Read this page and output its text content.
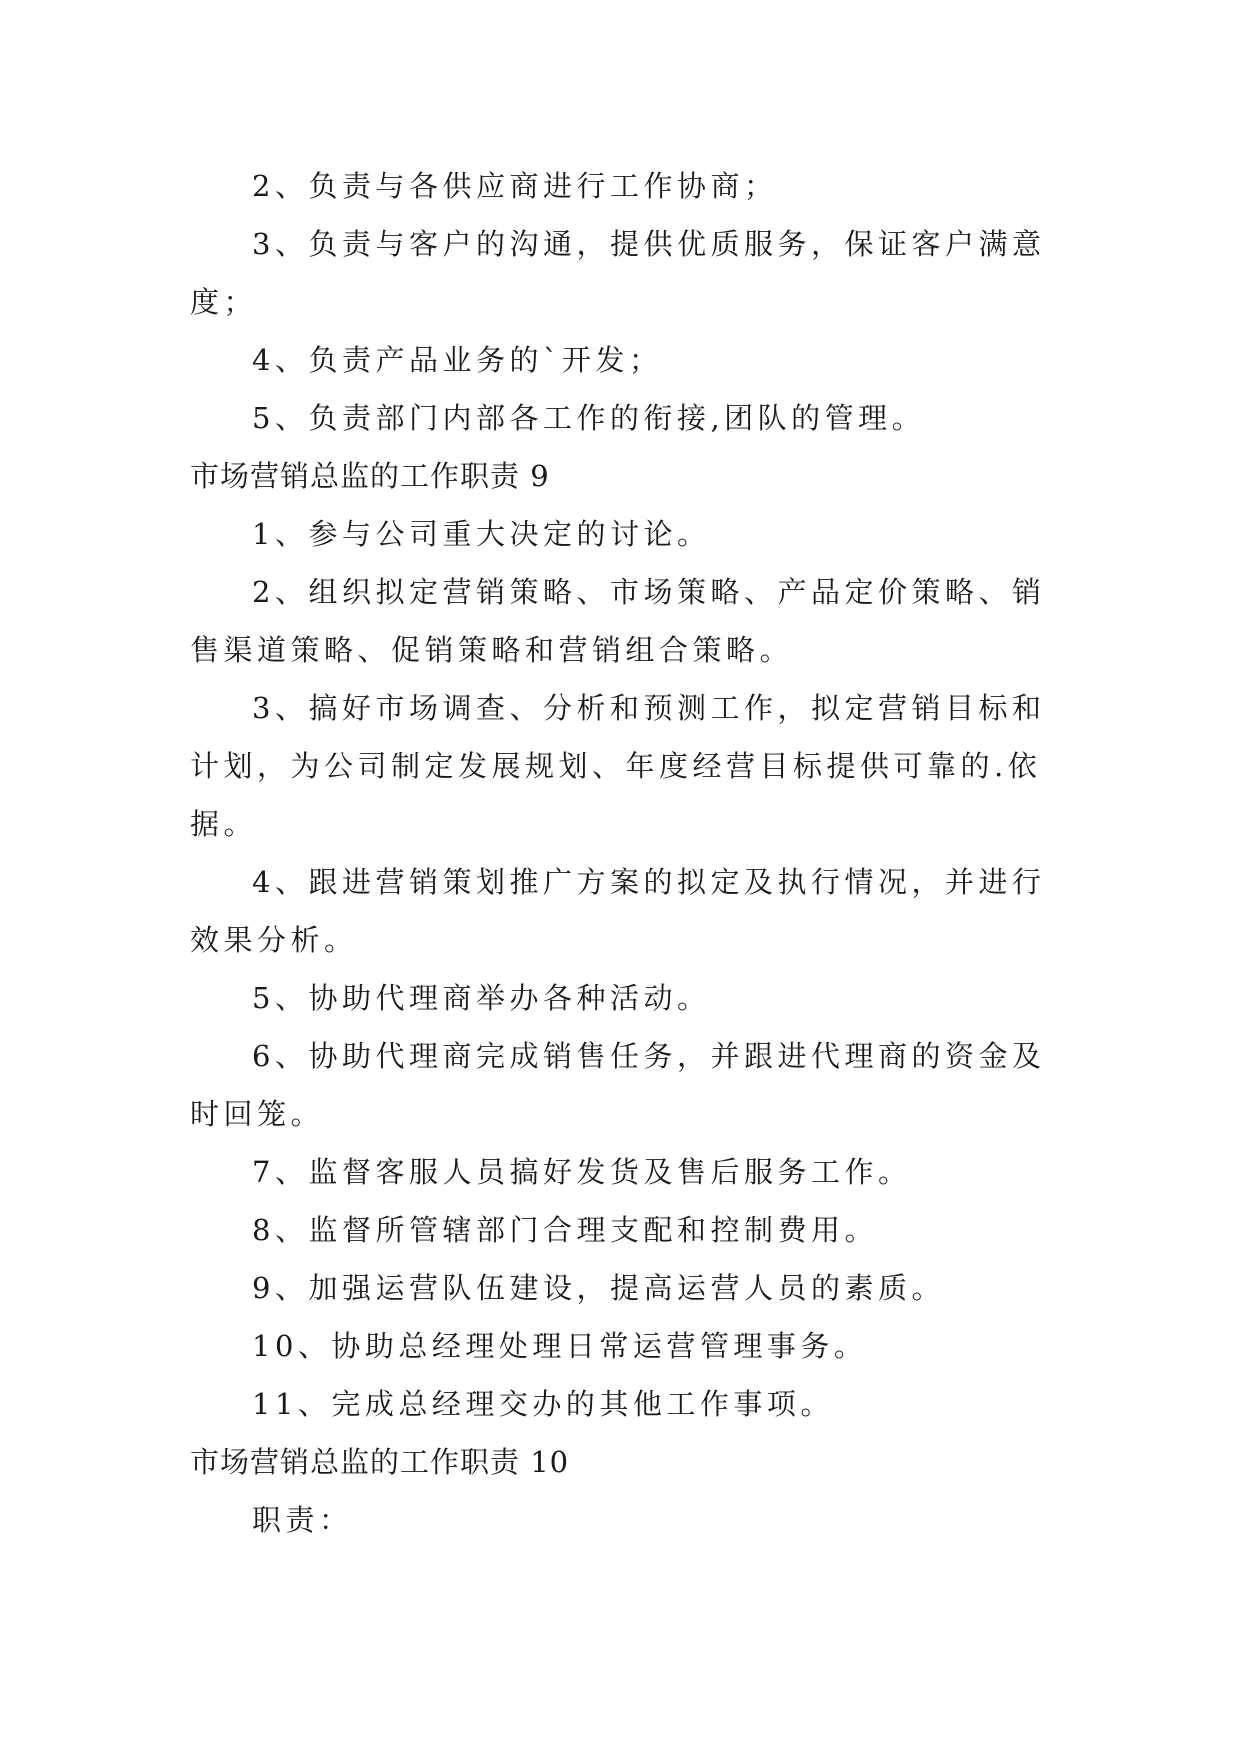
2、负责与各供应商进行工作协商；
3、负责与客户的沟通，提供优质服务，保证客户满意
度；
4、负责产品业务的`开发；
5、负责部门内部各工作的衔接,团队的管理。
市场营销总监的工作职责 9
1、参与公司重大决定的讨论。
2、组织拟定营销策略、市场策略、产品定价策略、销
售渠道策略、促销策略和营销组合策略。
3、搞好市场调查、分析和预测工作，拟定营销目标和
计划，为公司制定发展规划、年度经营目标提供可靠的.依
据。
4、跟进营销策划推广方案的拟定及执行情况，并进行
效果分析。
5、协助代理商举办各种活动。
6、协助代理商完成销售任务，并跟进代理商的资金及
时回笼。
7、监督客服人员搞好发货及售后服务工作。
8、监督所管辖部门合理支配和控制费用。
9、加强运营队伍建设，提高运营人员的素质。
10、协助总经理处理日常运营管理事务。
11、完成总经理交办的其他工作事项。
市场营销总监的工作职责 10
职责：
